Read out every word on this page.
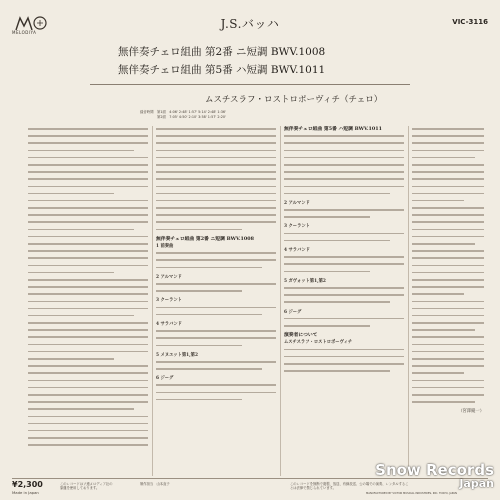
MELODIYA
VIC-3116
J.S.バッハ
無伴奏チェロ組曲 第2番 ニ短調 BWV.1008
無伴奏チェロ組曲 第5番 ハ短調 BWV.1011
ムスチスラフ・ロストロポーヴィチ（チェロ）
録音時間　第1面　4:06' 2:48' 1:57' 5:14' 2:48' 1:36'
　　　　　第2面　7:05' 4:50' 2:10' 3:58' 1:57' 2:20'

無伴奏チェロ組曲 第2番 ニ短調 BWV.1008

1 前奏曲

2 アルマンド

3 クーラント

4 サラバンド

5 メヌエット第1,第2

6 ジーグ

無伴奏チェロ組曲 第5番 ハ短調 BWV.1011

2 アルマンド

3 クーラント

4 サラバンド

5 ガヴォット第1,第2

6 ジーグ

演奏者について

ムスチスラフ・ロストロポーヴィチ

（宮澤縦一）
¥2,300
Made in Japan
このレコードはソ連メロディア社の
原盤を使用しております。
制作担当　山本直子	このレコードを無断で複製、放送、有線放送、公の場での演奏、レンタルすることは法律で禁じられています。
MANUFACTURED BY VICTOR MUSICAL INDUSTRIES, INC. TOKYO, JAPAN
Snow Records
Japan
